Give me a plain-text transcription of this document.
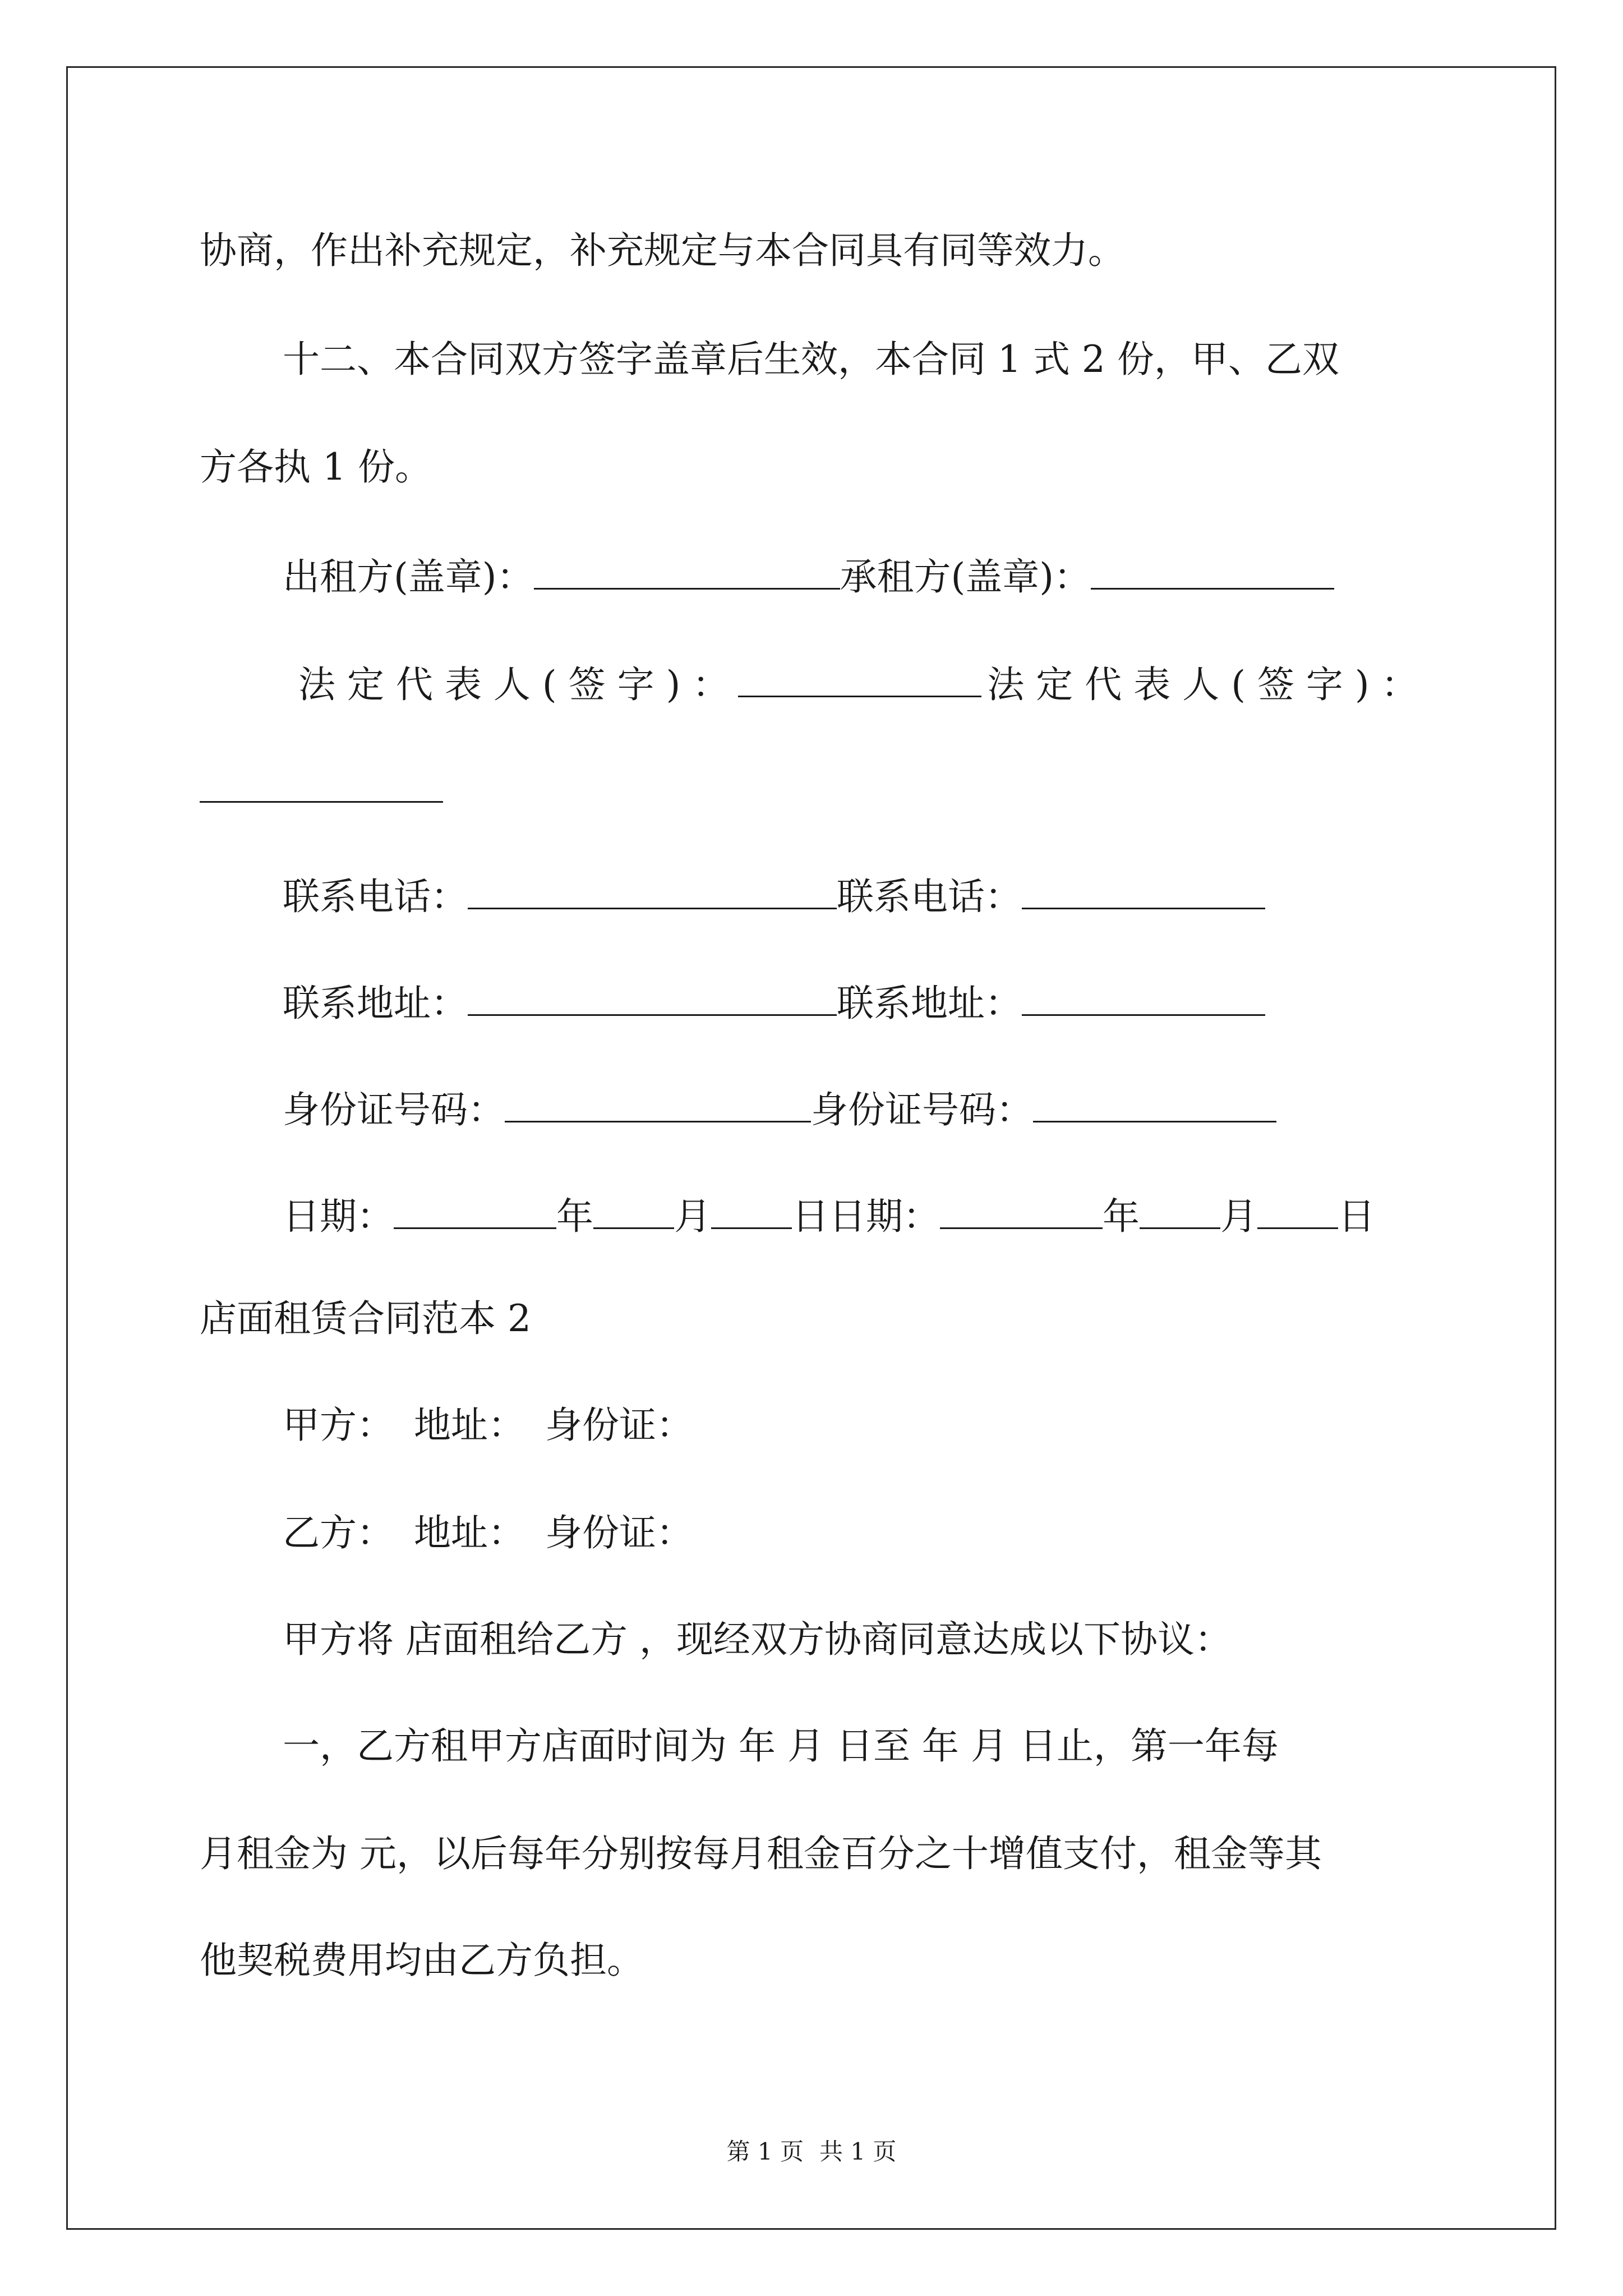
协商，作出补充规定，补充规定与本合同具有同等效力。
十二、本合同双方签字盖章后生效，本合同 1 式 2 份，甲、乙双
方各执 1 份。
出租方(盖章)：	承租方(盖章)：
法 定 代 表 人 ( 签 字 ) ：	法 定 代 表 人 ( 签 字 ) ：
联系电话：	联系电话：
联系地址：	联系地址：
身份证号码：	身份证号码：
日期：	年 月 日日期：	年 月 日
店面租赁合同范本 2
甲方： 地址： 身份证：
乙方： 地址： 身份证：
甲方将 店面租给乙方 ，现经双方协商同意达成以下协议：
一，乙方租甲方店面时间为 年 月 日至 年 月 日止，第一年每
月租金为 元，以后每年分别按每月租金百分之十增值支付，租金等其
他契税费用均由乙方负担。
第 1 页 共 1 页
